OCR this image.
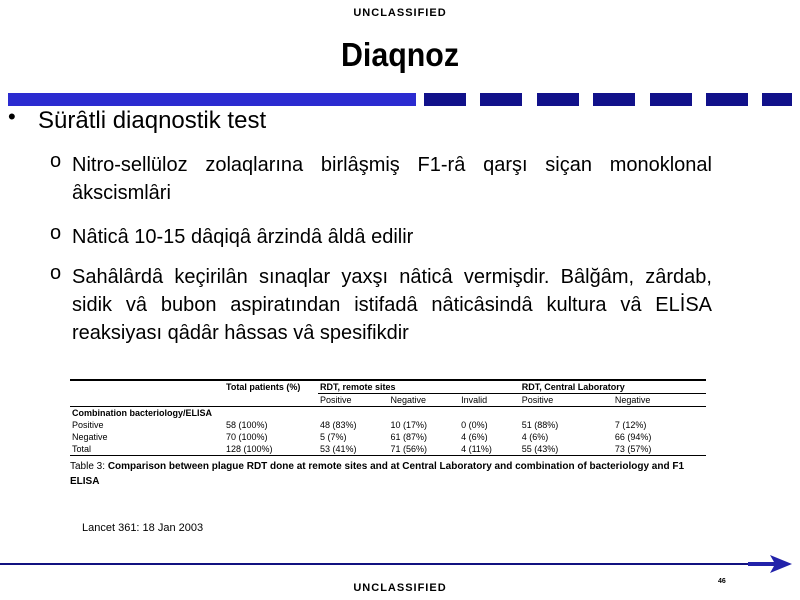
UNCLASSIFIED
Diaqnoz
• Sürȃtli diaqnostik test
o Nitro-sellüloz zolaqlarına birlȃşmiş F1-rȃ qarşı siçan monoklonal ȃkscismlȃri
o Nȃticȃ 10-15 dȃqiqȃ ȃrzindȃ ȃldȃ edilir
o Sahȃlȃrdȃ keçirilȃn sınaqlar yaxşı nȃticȃ vermişdir. Bȃlğȃm, zȃrdab, sidik vȃ bubon aspiratından istifadȃ nȃticȃsindȃ kultura vȃ ELİSA reaksiyası qȃdȃr hȃssas vȃ spesifikdir
	Total patients (%)	RDT, remote sites			RDT, Central Laboratory	
		Positive	Negative	Invalid	Positive	Negative
Combination bacteriology/ELISA						
Positive	58 (100%)	48 (83%)	10 (17%)	0 (0%)	51 (88%)	7 (12%)
Negative	70 (100%)	5 (7%)	61 (87%)	4 (6%)	4 (6%)	66 (94%)
Total	128 (100%)	53 (41%)	71 (56%)	4 (11%)	55 (43%)	73 (57%)
Table 3: Comparison between plague RDT done at remote sites and at Central Laboratory and combination of bacteriology and F1 ELISA
Lancet 361: 18 Jan 2003
46
UNCLASSIFIED
